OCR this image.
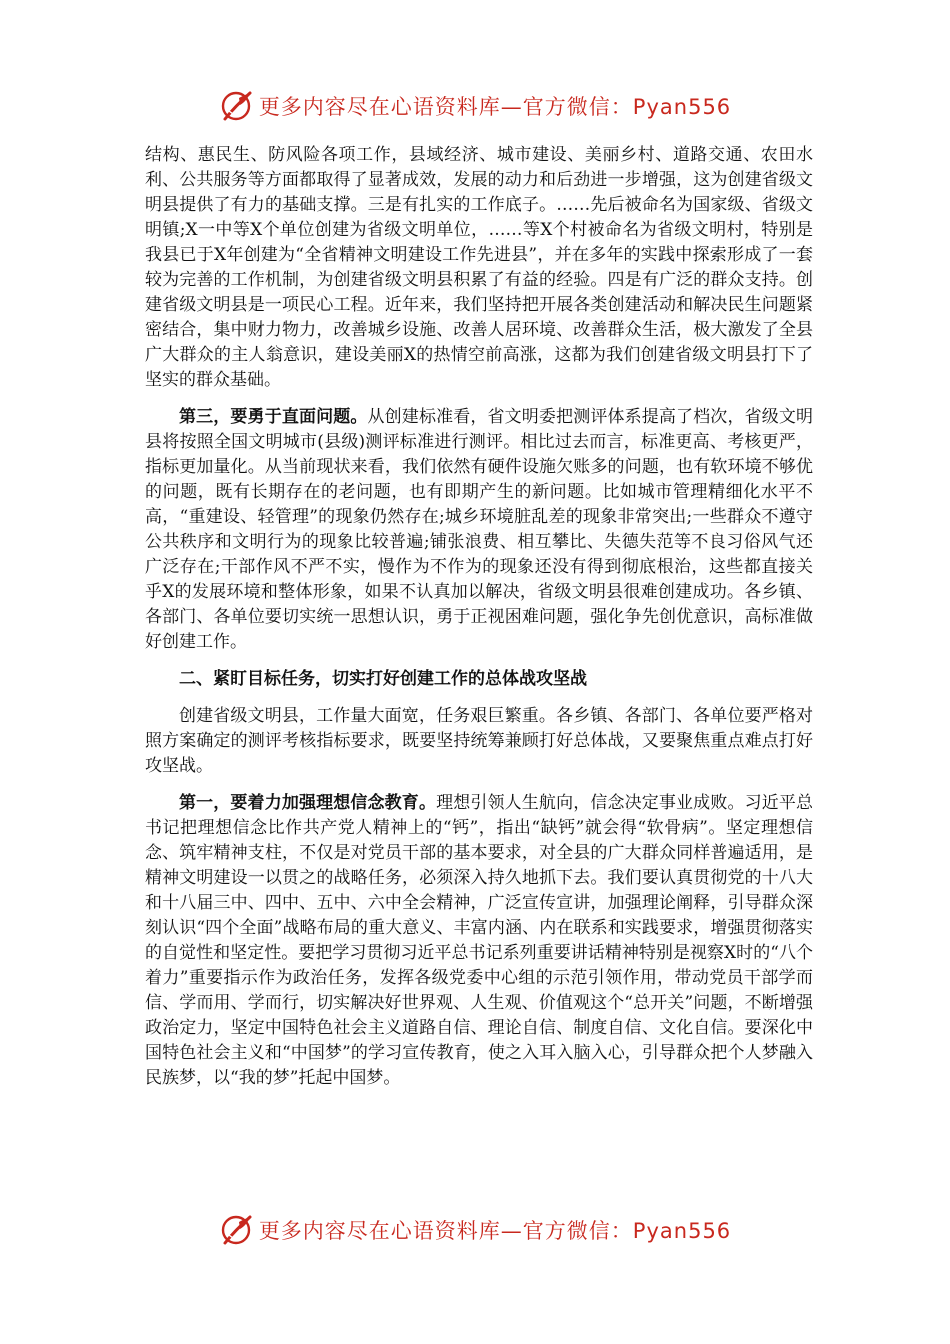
更多内容尽在心语资料库—官方微信：Pyan556

结构、惠民生、防风险各项工作，县域经济、城市建设、美丽乡村、道路交通、农田水利、公共服务等方面都取得了显著成效，发展的动力和后劲进一步增强，这为创建省级文明县提供了有力的基础支撑。三是有扎实的工作底子。……先后被命名为国家级、省级文明镇;X一中等X个单位创建为省级文明单位，……等X个村被命名为省级文明村，特别是我县已于X年创建为“全省精神文明建设工作先进县”，并在多年的实践中探索形成了一套较为完善的工作机制，为创建省级文明县积累了有益的经验。四是有广泛的群众支持。创建省级文明县是一项民心工程。近年来，我们坚持把开展各类创建活动和解决民生问题紧密结合，集中财力物力，改善城乡设施、改善人居环境、改善群众生活，极大激发了全县广大群众的主人翁意识，建设美丽X的热情空前高涨，这都为我们创建省级文明县打下了坚实的群众基础。

第三，要勇于直面问题。从创建标准看，省文明委把测评体系提高了档次，省级文明县将按照全国文明城市(县级)测评标准进行测评。相比过去而言，标准更高、考核更严，指标更加量化。从当前现状来看，我们依然有硬件设施欠账多的问题，也有软环境不够优的问题，既有长期存在的老问题，也有即期产生的新问题。比如城市管理精细化水平不高，“重建设、轻管理”的现象仍然存在;城乡环境脏乱差的现象非常突出;一些群众不遵守公共秩序和文明行为的现象比较普遍;铺张浪费、相互攀比、失德失范等不良习俗风气还广泛存在;干部作风不严不实，慢作为不作为的现象还没有得到彻底根治，这些都直接关乎X的发展环境和整体形象，如果不认真加以解决，省级文明县很难创建成功。各乡镇、各部门、各单位要切实统一思想认识，勇于正视困难问题，强化争先创优意识，高标准做好创建工作。

二、紧盯目标任务，切实打好创建工作的总体战攻坚战

创建省级文明县，工作量大面宽，任务艰巨繁重。各乡镇、各部门、各单位要严格对照方案确定的测评考核指标要求，既要坚持统筹兼顾打好总体战，又要聚焦重点难点打好攻坚战。

第一，要着力加强理想信念教育。理想引领人生航向，信念决定事业成败。习近平总书记把理想信念比作共产党人精神上的“钙”，指出“缺钙”就会得“软骨病”。坚定理想信念、筑牢精神支柱，不仅是对党员干部的基本要求，对全县的广大群众同样普遍适用，是精神文明建设一以贯之的战略任务，必须深入持久地抓下去。我们要认真贯彻党的十八大和十八届三中、四中、五中、六中全会精神，广泛宣传宣讲，加强理论阐释，引导群众深刻认识“四个全面”战略布局的重大意义、丰富内涵、内在联系和实践要求，增强贯彻落实的自觉性和坚定性。要把学习贯彻习近平总书记系列重要讲话精神特别是视察X时的“八个着力”重要指示作为政治任务，发挥各级党委中心组的示范引领作用，带动党员干部学而信、学而用、学而行，切实解决好世界观、人生观、价值观这个“总开关”问题，不断增强政治定力，坚定中国特色社会主义道路自信、理论自信、制度自信、文化自信。要深化中国特色社会主义和“中国梦”的学习宣传教育，使之入耳入脑入心，引导群众把个人梦融入民族梦，以“我的梦”托起中国梦。

更多内容尽在心语资料库—官方微信：Pyan556
